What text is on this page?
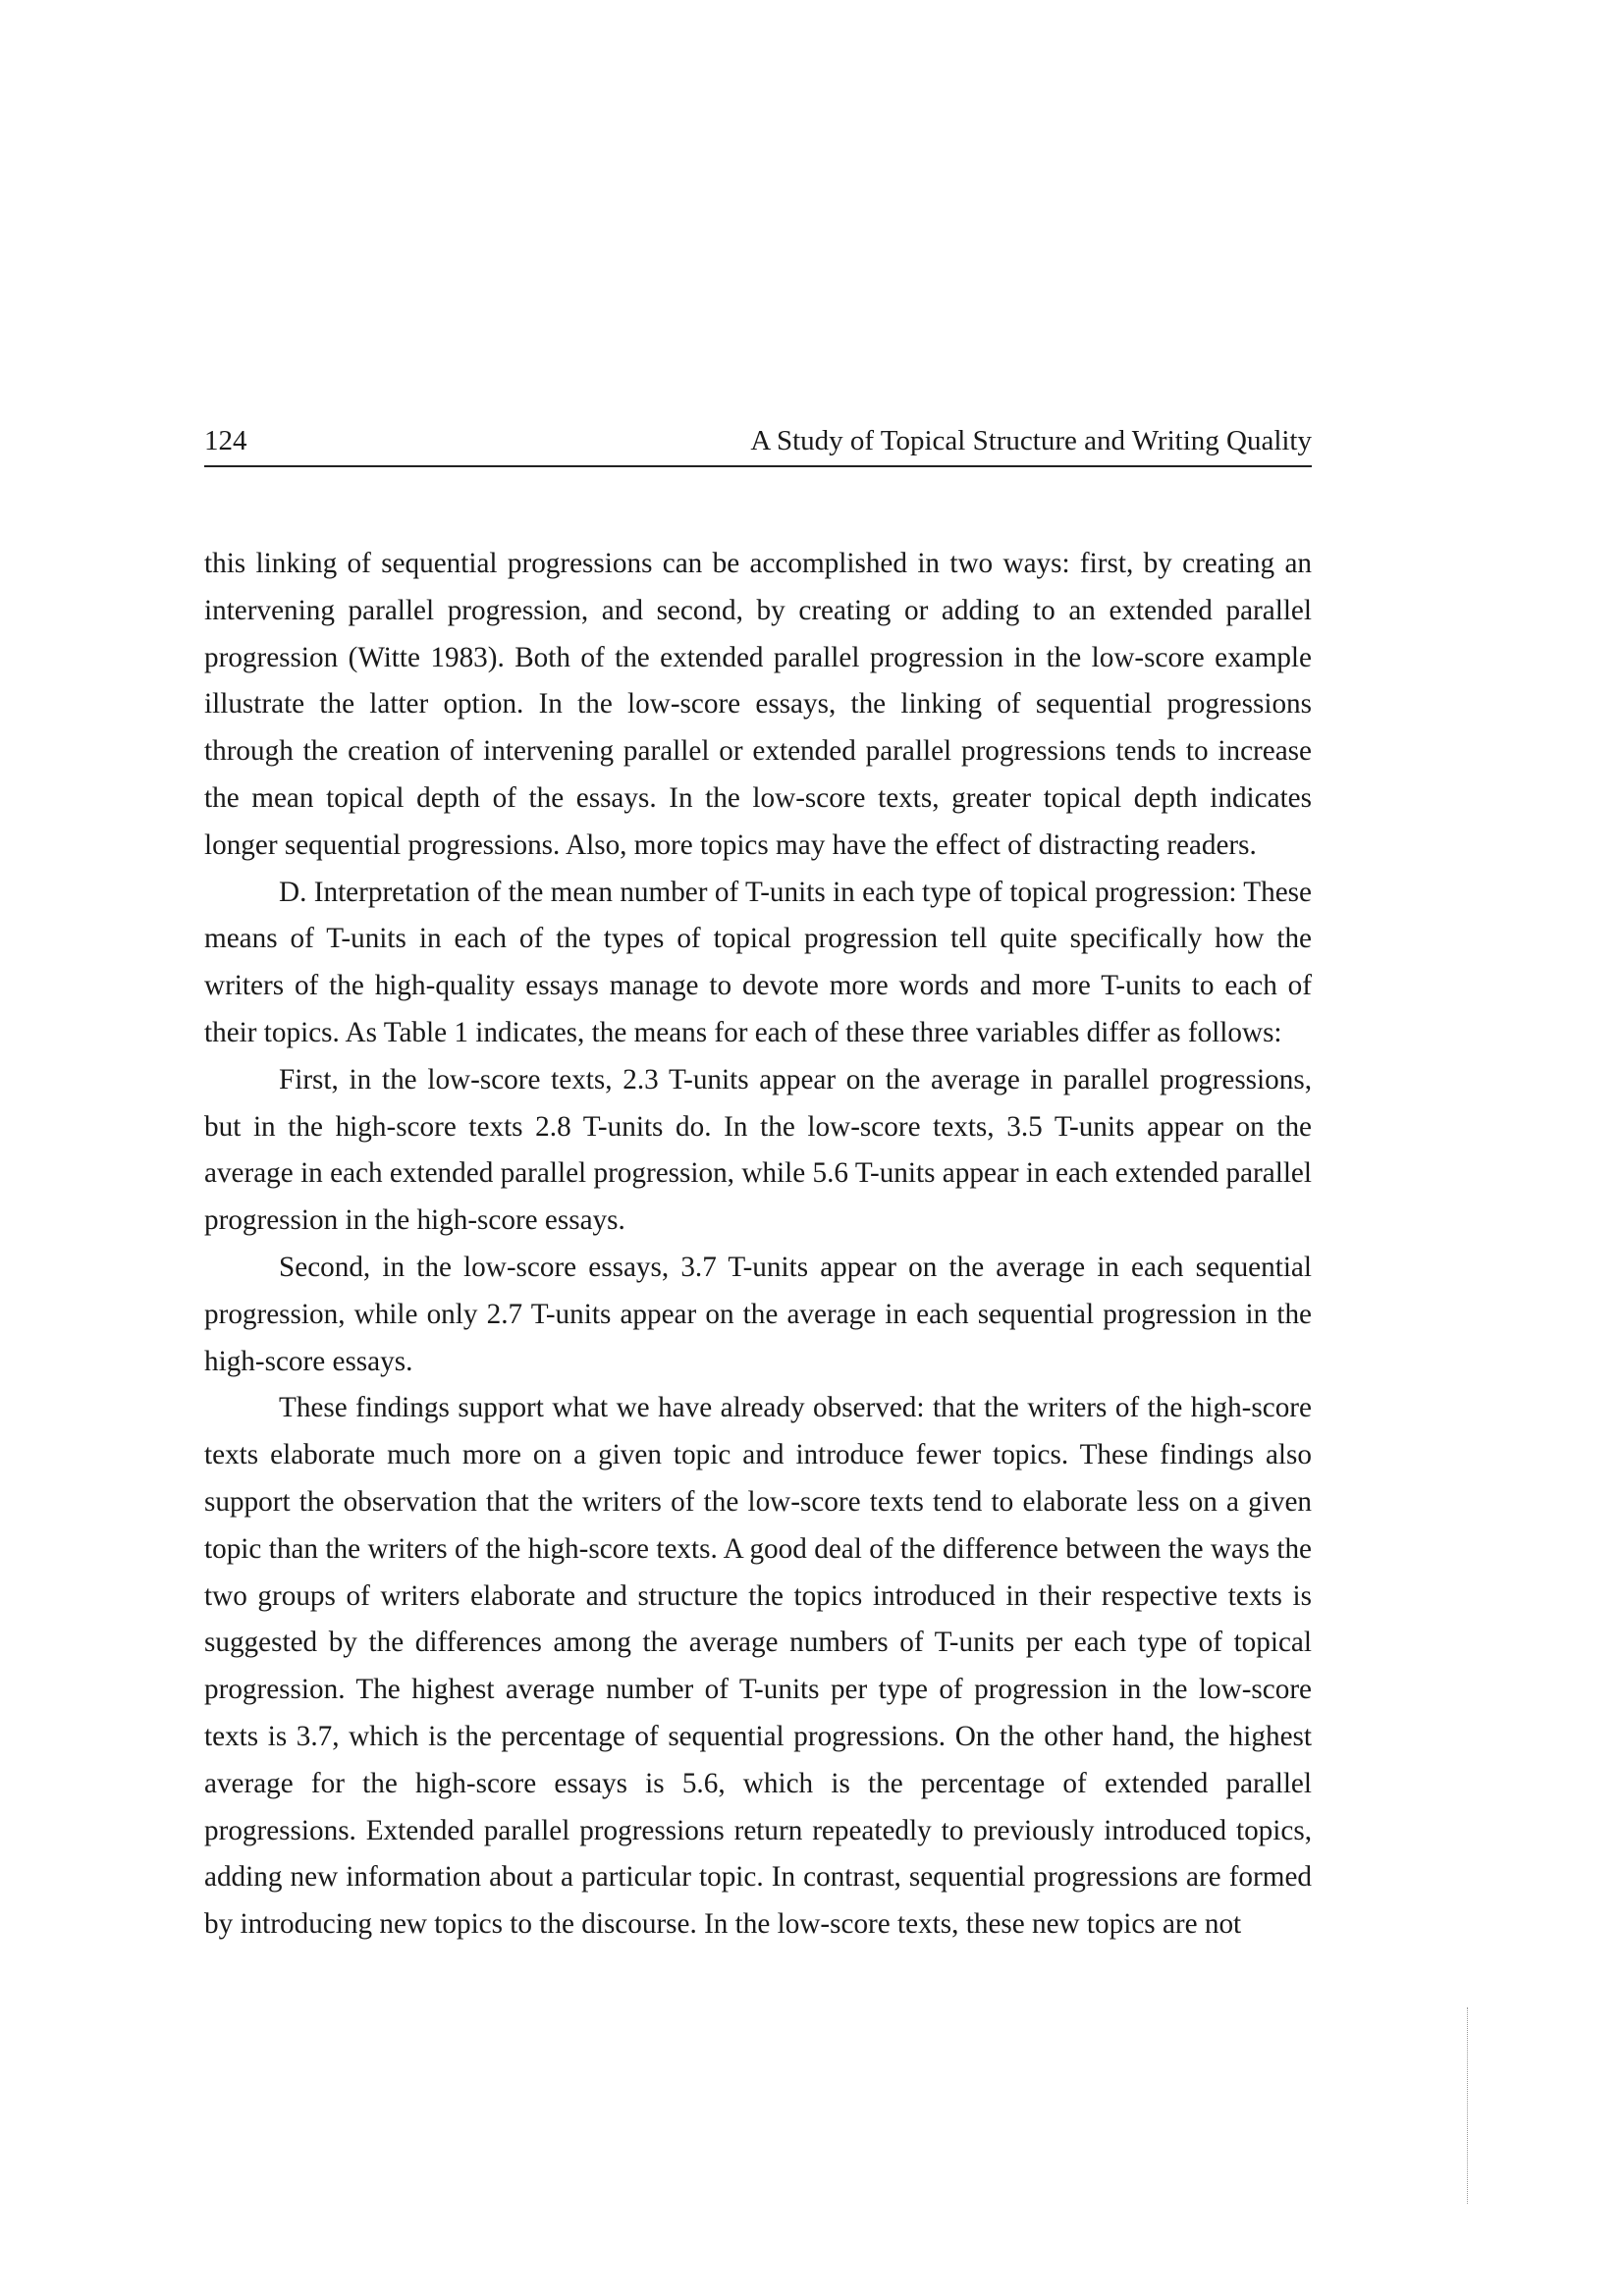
124	A Study of Topical Structure and Writing Quality

this linking of sequential progressions can be accomplished in two ways: first, by creating an intervening parallel progression, and second, by creating or adding to an extended parallel progression (Witte 1983). Both of the extended parallel progression in the low-score example illustrate the latter option. In the low-score essays, the linking of sequential progressions through the creation of intervening parallel or extended parallel progressions tends to increase the mean topical depth of the essays. In the low-score texts, greater topical depth indicates longer sequential progressions. Also, more topics may have the effect of distracting readers.

D. Interpretation of the mean number of T-units in each type of topical progression: These means of T-units in each of the types of topical progression tell quite specifically how the writers of the high-quality essays manage to devote more words and more T-units to each of their topics. As Table 1 indicates, the means for each of these three variables differ as follows:

First, in the low-score texts, 2.3 T-units appear on the average in parallel progressions, but in the high-score texts 2.8 T-units do. In the low-score texts, 3.5 T-units appear on the average in each extended parallel progression, while 5.6 T-units appear in each extended parallel progression in the high-score essays.

Second, in the low-score essays, 3.7 T-units appear on the average in each sequential progression, while only 2.7 T-units appear on the average in each sequential progression in the high-score essays.

These findings support what we have already observed: that the writers of the high-score texts elaborate much more on a given topic and introduce fewer topics. These findings also support the observation that the writers of the low-score texts tend to elaborate less on a given topic than the writers of the high-score texts. A good deal of the difference between the ways the two groups of writers elaborate and structure the topics introduced in their respective texts is suggested by the differences among the average numbers of T-units per each type of topical progression. The highest average number of T-units per type of progression in the low-score texts is 3.7, which is the percentage of sequential progressions. On the other hand, the highest average for the high-score essays is 5.6, which is the percentage of extended parallel progressions. Extended parallel progressions return repeatedly to previously introduced topics, adding new information about a particular topic. In contrast, sequential progressions are formed by introducing new topics to the discourse. In the low-score texts, these new topics are not
